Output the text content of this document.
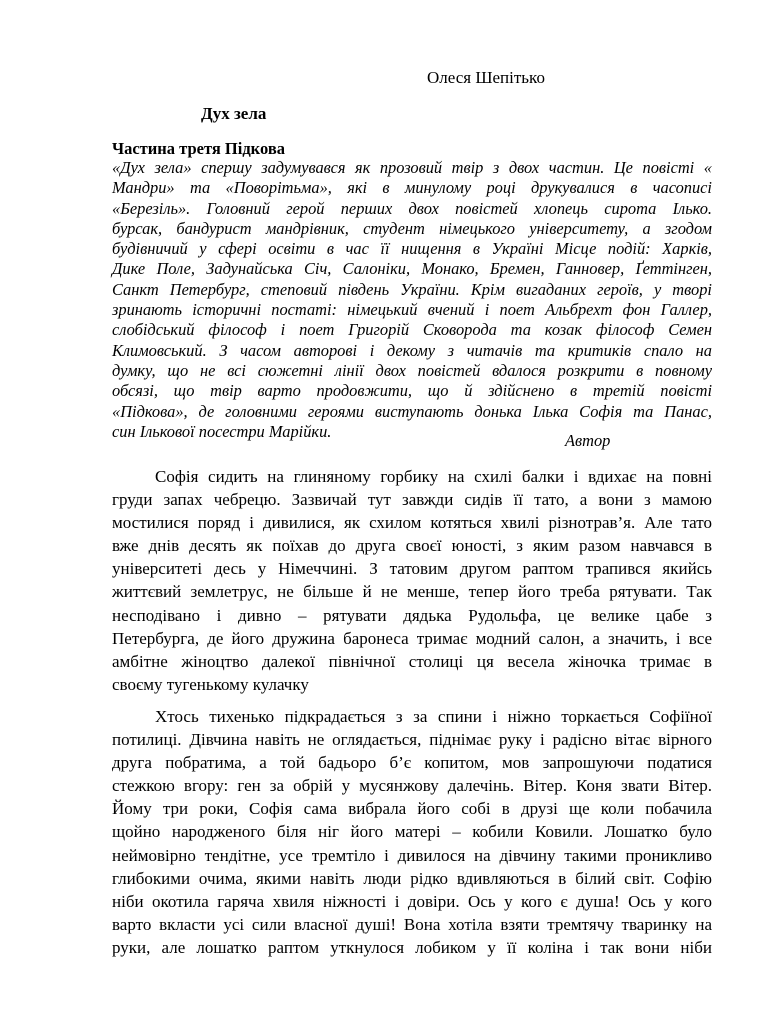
Олеся Шепітько
Дух зела
Частина третя Підкова
«Дух зела» спершу задумувався як прозовий твір з двох частин. Це повісті «
Мандри» та «Поворітьма», які в минулому році друкувалися в часописі
«Березіль». Головний герой перших двох повістей хлопець сирота Ілько.
бурсак, бандурист мандрівник, студент німецького університету, а згодом
будівничий у сфері освіти в час її нищення в Україні Місце подій: Харків,
Дике Поле, Задунайська Січ, Салоніки, Монако, Бремен, Ганновер, Ґеттінген,
Санкт Петербург, степовий південь України. Крім вигаданих героїв, у творі
зринають історичні постаті: німецький вчений і поет Альбрехт фон Галлер,
слобідський філософ і поет Григорій Сковорода та козак філософ Семен
Климовський. З часом авторові і декому з читачів та критиків спало на
думку, що не всі сюжетні лінії двох повістей вдалося розкрити в повному
обсязі, що твір варто продовжити, що й здійснено в третій повісті
«Підкова», де головними героями виступають донька Ілька Софія та Панас,
син Ількової посестри Марійки.	Автор
Софія сидить на глиняному горбику на схилі балки і вдихає на повні
груди запах чебрецю. Зазвичай тут завжди сидів її тато, а вони з мамою
мостилися поряд і дивилися, як схилом котяться хвилі різнотрав’я. Але тато
вже днів десять як поїхав до друга своєї юності, з яким разом навчався в
університеті десь у Німеччині. З татовим другом раптом трапився якийсь
життєвий землетрус, не більше й не менше, тепер його треба рятувати. Так
несподівано і дивно – рятувати дядька Рудольфа, це велике цабе з
Петербурга, де його дружина баронеса тримає модний салон, а значить, і все
амбітне жіноцтво далекої північної столиці ця весела жіночка тримає в
своєму тугенькому кулачку
Хтось тихенько підкрадається з за спини і ніжно торкається Софіїної
потилиці. Дівчина навіть не оглядається, піднімає руку і радісно вітає вірного
друга побратима, а той бадьоро б’є копитом, мов запрошуючи податися
стежкою вгору: ген за обрій у мусянжову далечінь. Вітер. Коня звати Вітер.
Йому три роки, Софія сама вибрала його собі в друзі ще коли побачила
щойно народженого біля ніг його матері – кобили Ковили. Лошатко було
неймовірно тендітне, усе тремтіло і дивилося на дівчину такими проникливо
глибокими очима, якими навіть люди рідко вдивляються в білий світ. Софію
ніби окотила гаряча хвиля ніжності і довіри. Ось у кого є душа! Ось у кого
варто вкласти усі сили власної душі! Вона хотіла взяти тремтячу тваринку на
руки, але лошатко раптом уткнулося лобиком у її коліна і так вони ніби
